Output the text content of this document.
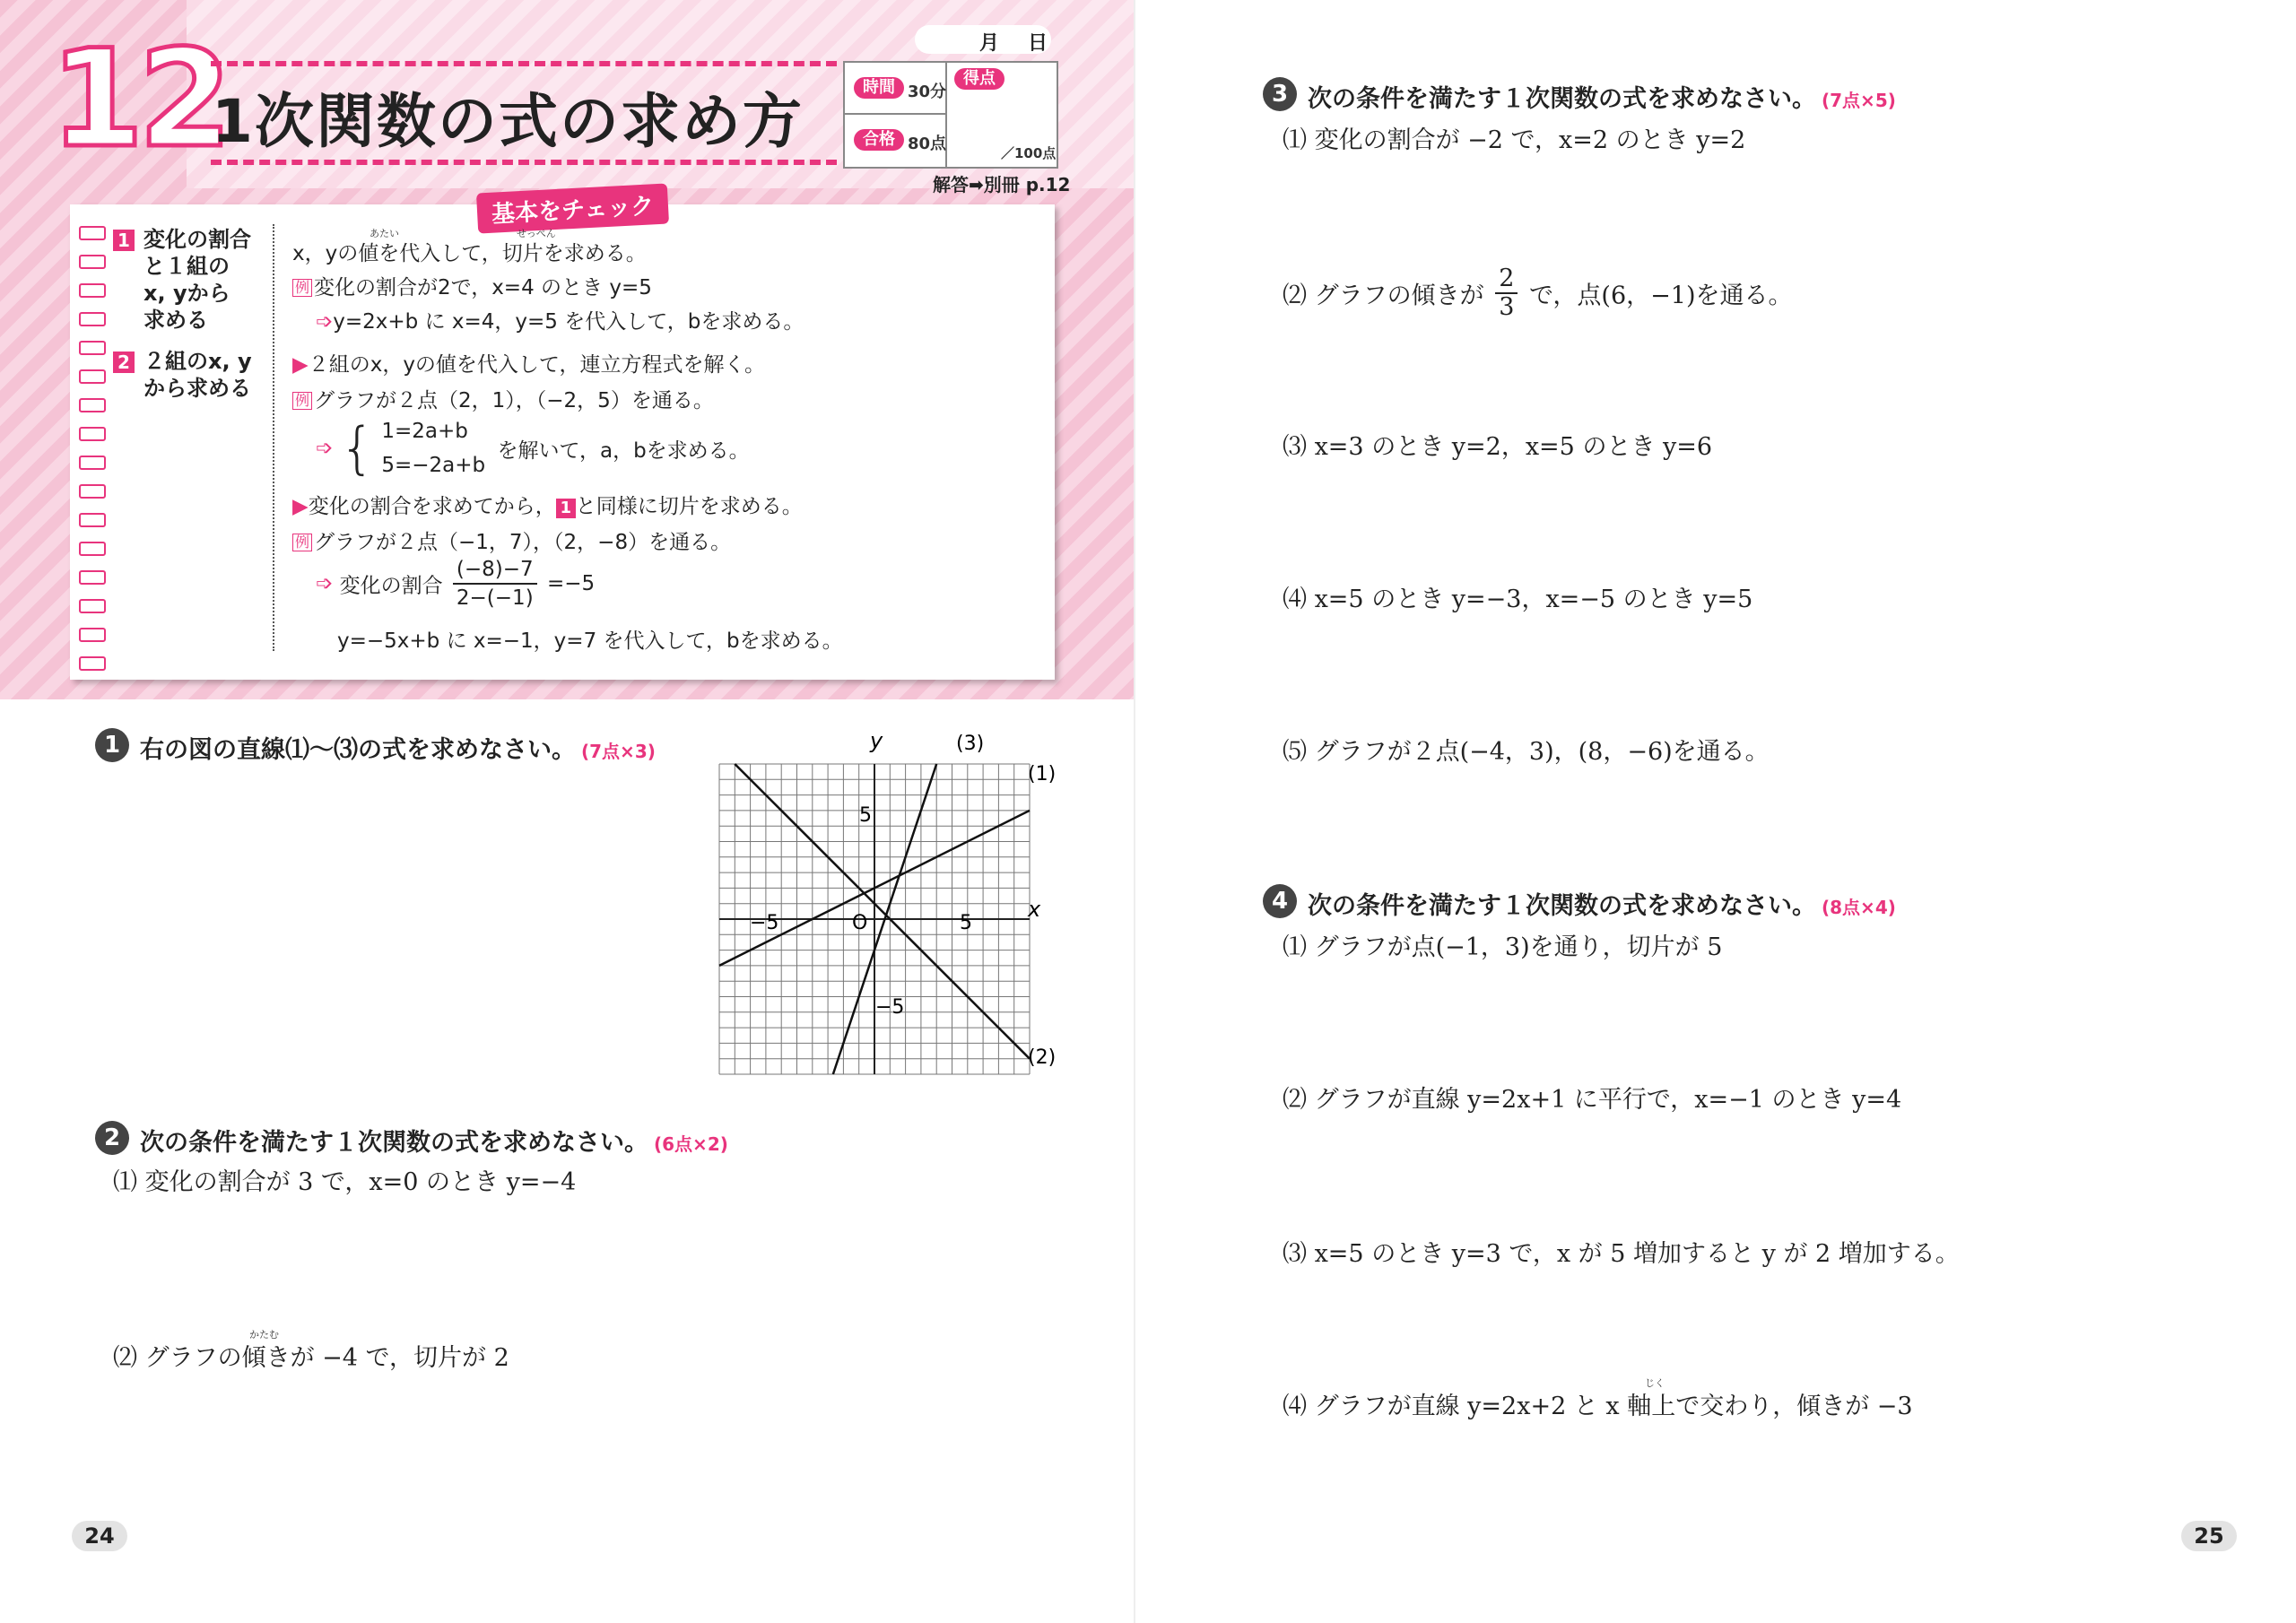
12
1次関数の式の求め方
月 日
時間 30分
合格 80点
得点
／100点
解答➡別冊 p.12
基本をチェック
1 変化の割合
と１組の
x, yから
求める
2 ２組のx, y
から求める
あたい	せっぺん
x，yの値を代入して，切片を求める。
例 変化の割合が2で，x=4 のとき y=5
➩y=2x+b に x=4，y=5 を代入して，bを求める。
▶２組のx，yの値を代入して，連立方程式を解く。
例 グラフが２点（2，1），（−2，5）を通る。
➩ { 1=2a+b
5=−2a+b
を解いて，a，bを求める。
▶変化の割合を求めてから， 1 と同様に切片を求める。
例 グラフが２点（−1，7），（2，−8）を通る。
➩ 変化の割合 $\frac{(-8)-7}{2-(-1)} =-5$
y=−5x+b に x=−1，y=7 を代入して，bを求める。
1 右の図の直線⑴〜⑶の式を求めなさい。 (7点×3)	y
x
O
−5	5
5
−5
(1)
(2)
(3)
2 次の条件を満たす１次関数の式を求めなさい。 (6点×2)
⑴ 変化の割合が 3 で，x=0 のとき y=−4
かたむ
⑵ グラフの傾きが −4 で，切片が 2
24
3 次の条件を満たす１次関数の式を求めなさい。 (7点×5)
⑴ 変化の割合が −2 で，x=2 のとき y=2
⑵ グラフの傾きが $\frac{2}{3}$ で，点(6，−1)を通る。
⑶ x=3 のとき y=2，x=5 のとき y=6
⑷ x=5 のとき y=−3，x=−5 のとき y=5
⑸ グラフが２点(−4，3)，(8，−6)を通る。
4 次の条件を満たす１次関数の式を求めなさい。 (8点×4)
⑴ グラフが点(−1，3)を通り，切片が 5
⑵ グラフが直線 y=2x+1 に平行で，x=−1 のとき y=4
⑶ x=5 のとき y=3 で，x が 5 増加すると y が 2 増加する。
じく
⑷ グラフが直線 y=2x+2 と x 軸上で交わり，傾きが −3
25
